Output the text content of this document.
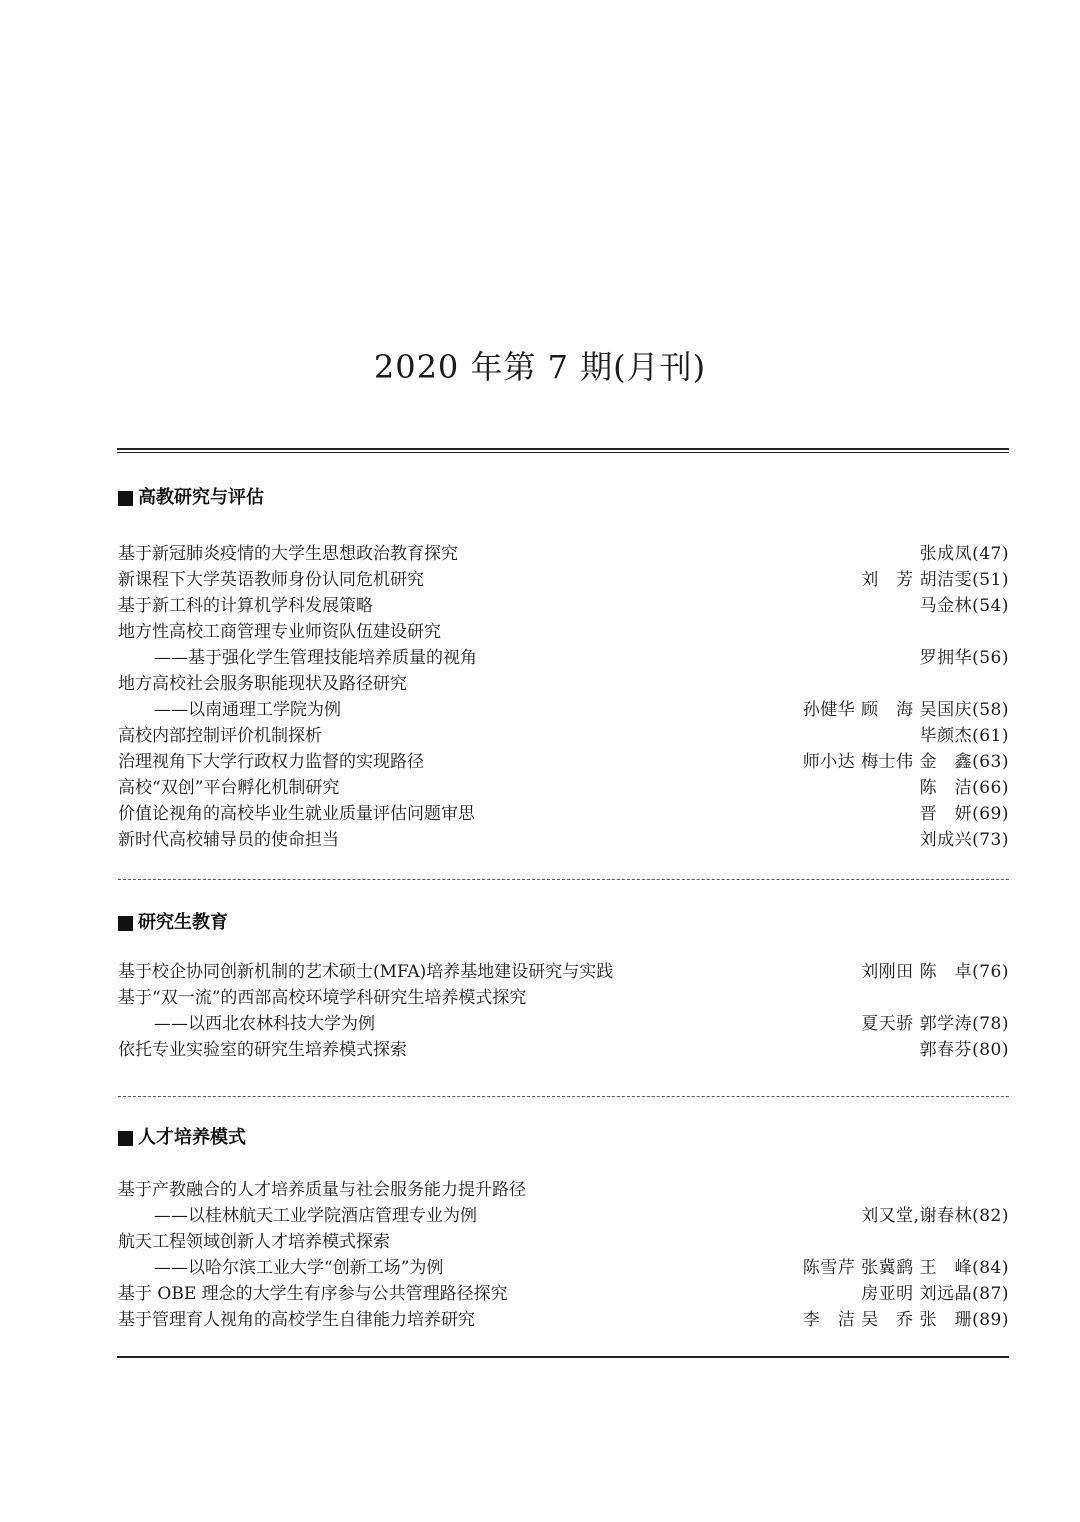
2020 年第 7 期(月刊)
高教研究与评估
基于新冠肺炎疫情的大学生思想政治教育探究	张成凤(47)
新课程下大学英语教师身份认同危机研究	刘　芳 胡洁雯(51)
基于新工科的计算机学科发展策略	马金林(54)
地方性高校工商管理专业师资队伍建设研究
——基于强化学生管理技能培养质量的视角	罗拥华(56)
地方高校社会服务职能现状及路径研究
——以南通理工学院为例	孙健华 顾　海 吴国庆(58)
高校内部控制评价机制探析	毕颜杰(61)
治理视角下大学行政权力监督的实现路径	师小达 梅士伟 金　鑫(63)
高校“双创”平台孵化机制研究	陈　洁(66)
价值论视角的高校毕业生就业质量评估问题审思	晋　妍(69)
新时代高校辅导员的使命担当	刘成兴(73)
研究生教育
基于校企协同创新机制的艺术硕士(MFA)培养基地建设研究与实践	刘刚田 陈　卓(76)
基于“双一流”的西部高校环境学科研究生培养模式探究
——以西北农林科技大学为例	夏天骄 郭学涛(78)
依托专业实验室的研究生培养模式探索	郭春芬(80)
人才培养模式
基于产教融合的人才培养质量与社会服务能力提升路径
——以桂林航天工业学院酒店管理专业为例	刘又堂,谢春林(82)
航天工程领域创新人才培养模式探索
——以哈尔滨工业大学“创新工场”为例	陈雪芹 张冀鹞 王　峰(84)
基于 OBE 理念的大学生有序参与公共管理路径探究	房亚明 刘远晶(87)
基于管理育人视角的高校学生自律能力培养研究	李　洁 吴　乔 张　珊(89)
